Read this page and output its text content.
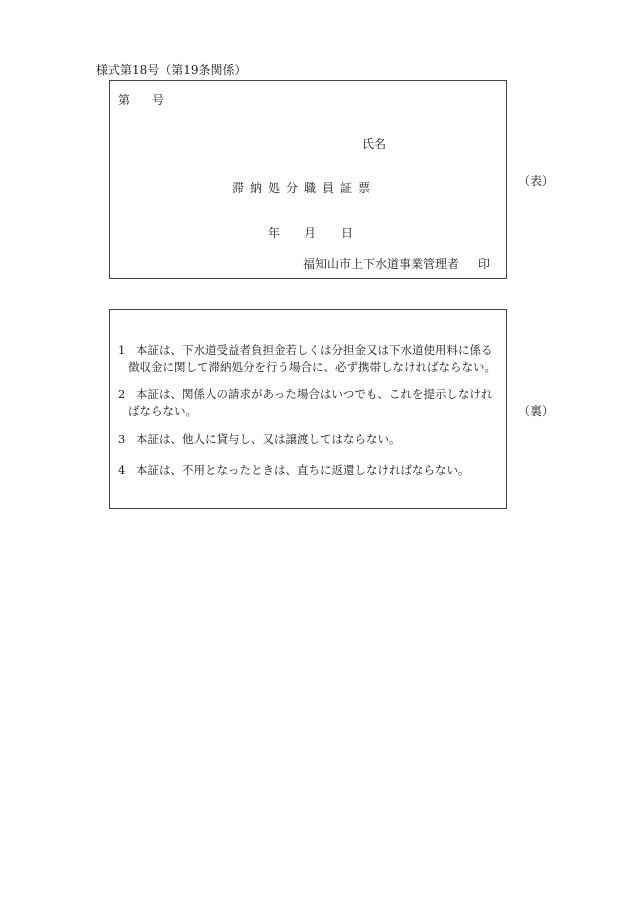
様式第18号（第19条関係）
第 号
氏名
滞納処分職員証票
年 月 日
福知山市上下水道事業管理者 印
（表）
1 本証は、下水道受益者負担金若しくは分担金又は下水道使用料に係る
徴収金に関して滞納処分を行う場合に、必ず携帯しなければならない。
2 本証は、関係人の請求があった場合はいつでも、これを提示しなけれ
ばならない。
3 本証は、他人に貸与し、又は譲渡してはならない。
4 本証は、不用となったときは、直ちに返還しなければならない。
（裏）
